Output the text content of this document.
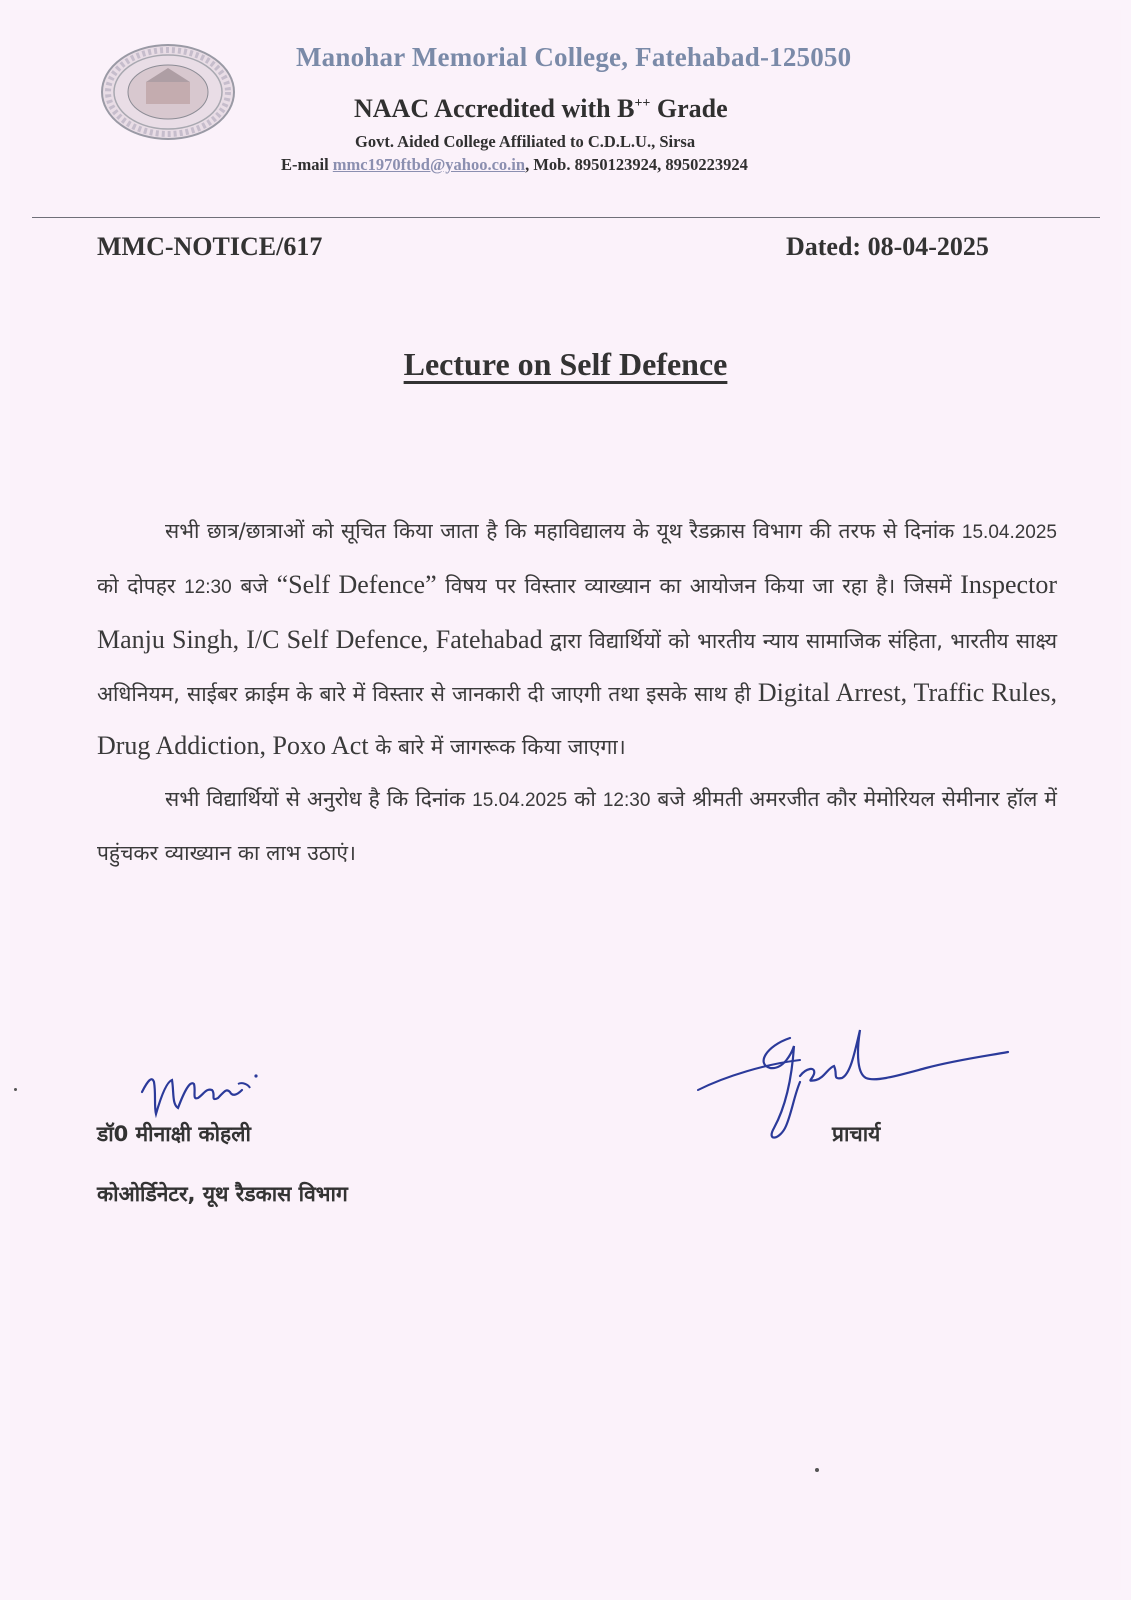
Manohar Memorial College, Fatehabad-125050
NAAC Accredited with B++ Grade
Govt. Aided College Affiliated to C.D.L.U., Sirsa
E-mail mmc1970ftbd@yahoo.co.in, Mob. 8950123924, 8950223924
MMC-NOTICE/617	Dated: 08-04-2025
Lecture on Self Defence

सभी छात्र/छात्राओं को सूचित किया जाता है कि महाविद्यालय के यूथ रैडक्रास विभाग की तरफ से दिनांक 15.04.2025 को दोपहर 12:30 बजे “Self Defence” विषय पर विस्तार व्याख्यान का आयोजन किया जा रहा है। जिसमें Inspector Manju Singh, I/C Self Defence, Fatehabad द्वारा विद्यार्थियों को भारतीय न्याय सामाजिक संहिता, भारतीय साक्ष्य अधिनियम, साईबर क्राईम के बारे में विस्तार से जानकारी दी जाएगी तथा इसके साथ ही Digital Arrest, Traffic Rules, Drug Addiction, Poxo Act के बारे में जागरूक किया जाएगा।

सभी विद्यार्थियों से अनुरोध है कि दिनांक 15.04.2025 को 12:30 बजे श्रीमती अमरजीत कौर मेमोरियल सेमीनार हॉल में पहुंचकर व्याख्यान का लाभ उठाएं।

डॉ0 मीनाक्षी कोहली
कोओर्डिनेटर, यूथ रैडकास विभाग
प्राचार्य
